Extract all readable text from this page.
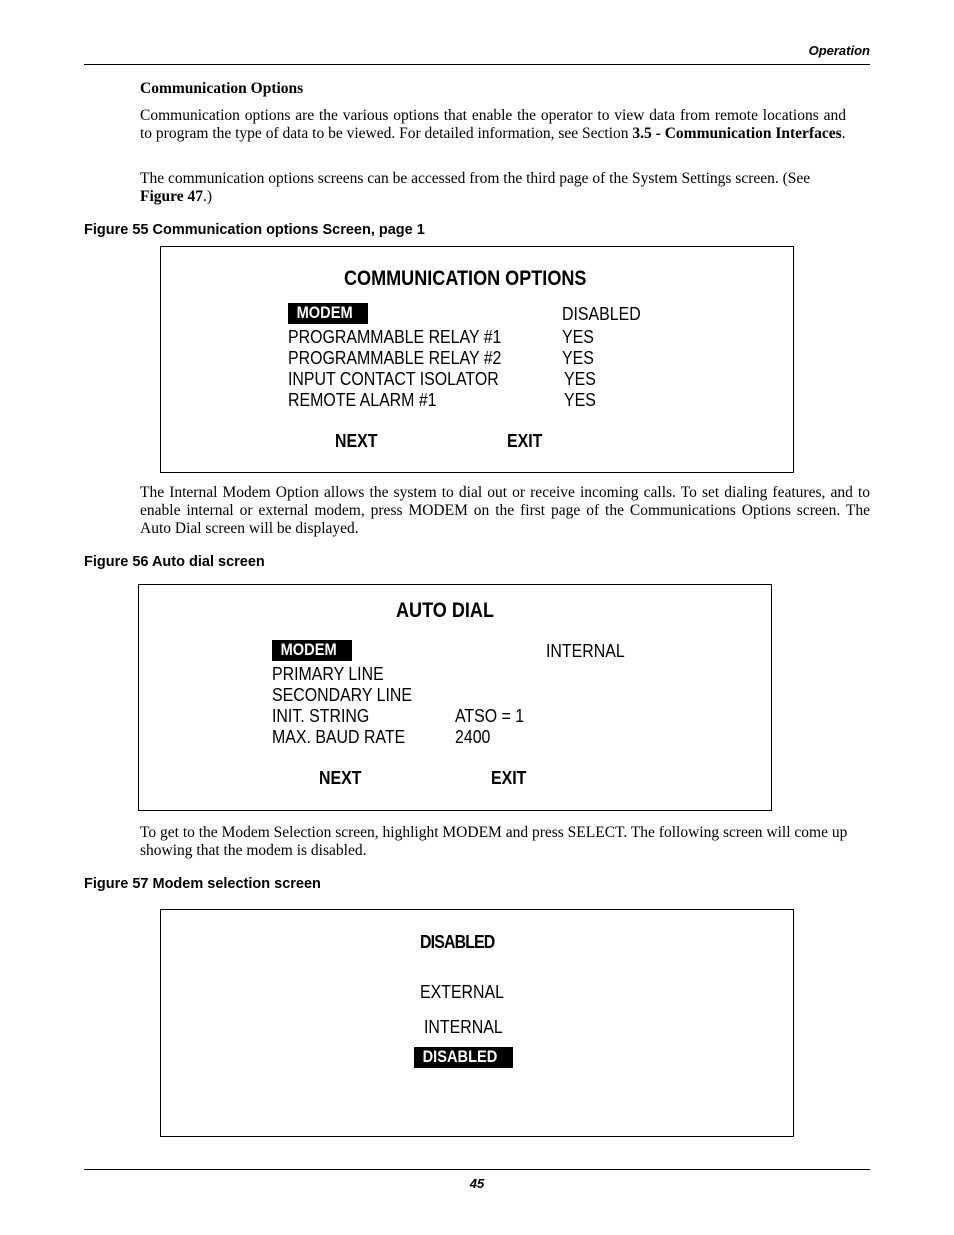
Operation
Communication Options
Communication options are the various options that enable the operator to view data from remote locations and to program the type of data to be viewed. For detailed information, see Section 3.5 - Communication Interfaces.
The communication options screens can be accessed from the third page of the System Settings screen. (See Figure 47.)
Figure 55 Communication options Screen, page 1
COMMUNICATION OPTIONS
MODEM	DISABLED
PROGRAMMABLE RELAY #1	YES
PROGRAMMABLE RELAY #2	YES
INPUT CONTACT ISOLATOR	YES
REMOTE ALARM #1	YES
NEXT	EXIT
The Internal Modem Option allows the system to dial out or receive incoming calls. To set dialing features, and to enable internal or external modem, press MODEM on the first page of the Communications Options screen. The Auto Dial screen will be displayed.
Figure 56 Auto dial screen
AUTO DIAL
MODEM	INTERNAL
PRIMARY LINE
SECONDARY LINE
INIT. STRING	ATSO = 1
MAX. BAUD RATE	2400
NEXT	EXIT
To get to the Modem Selection screen, highlight MODEM and press SELECT. The following screen will come up showing that the modem is disabled.
Figure 57 Modem selection screen
DISABLED
EXTERNAL
INTERNAL
DISABLED
45
